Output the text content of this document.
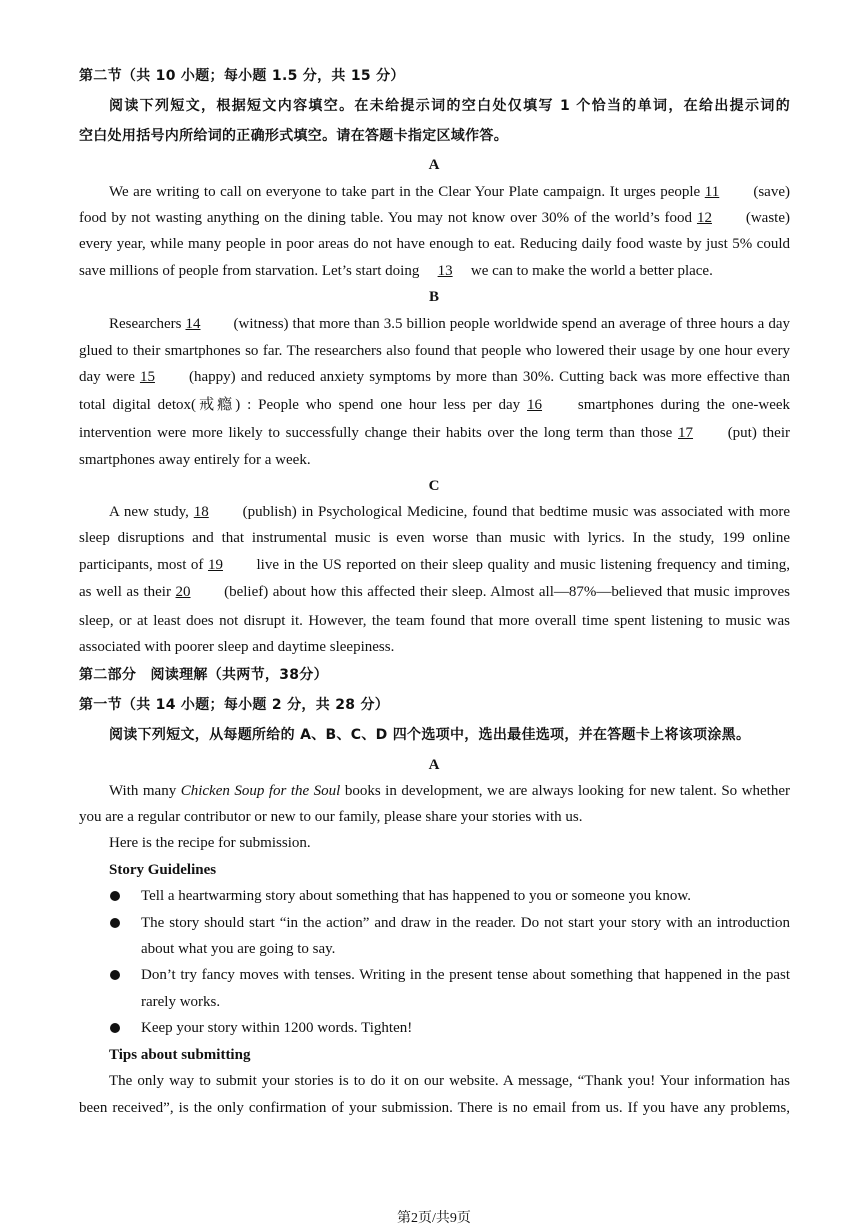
第二节（共 10 小题；每小题 1.5 分，共 15 分）
阅读下列短文，根据短文内容填空。在未给提示词的空白处仅填写 1 个恰当的单词，在给出提示词的
空白处用括号内所给词的正确形式填空。请在答题卡指定区域作答。
A
We are writing to call on everyone to take part in the Clear Your Plate campaign. It urges people 11 (save)
food by not wasting anything on the dining table. You may not know over 30% of the world’s food 12 (waste)
every year, while many people in poor areas do not have enough to eat. Reducing daily food waste by just 5% could
save millions of people from starvation. Let’s start doing 13 we can to make the world a better place.
B
Researchers 14 (witness) that more than 3.5 billion people worldwide spend an average of three hours a day
glued to their smartphones so far. The researchers also found that people who lowered their usage by one hour every
day were 15 (happy) and reduced anxiety symptoms by more than 30%. Cutting back was more effective than
total digital detox(戒瘾) : People who spend one hour less per day 16 smartphones during the one-week
intervention were more likely to successfully change their habits over the long term than those 17 (put) their
smartphones away entirely for a week.
C
A new study, 18 (publish) in Psychological Medicine, found that bedtime music was associated with more
sleep disruptions and that instrumental music is even worse than music with lyrics. In the study, 199 online
participants, most of 19 live in the US reported on their sleep quality and music listening frequency and timing,
as well as their 20 (belief) about how this affected their sleep. Almost all—87%—believed that music improves
sleep, or at least does not disrupt it. However, the team found that more overall time spent listening to music was
associated with poorer sleep and daytime sleepiness.
第二部分　阅读理解（共两节，38分）
第一节（共 14 小题；每小题 2 分，共 28 分）
阅读下列短文，从每题所给的 A、B、C、D 四个选项中，选出最佳选项，并在答题卡上将该项涂黑。
A
With many Chicken Soup for the Soul books in development, we are always looking for new talent. So whether
you are a regular contributor or new to our family, please share your stories with us.
Here is the recipe for submission.
Story Guidelines
Tell a heartwarming story about something that has happened to you or someone you know.
The story should start “in the action” and draw in the reader. Do not start your story with an introduction
about what you are going to say.
Don’t try fancy moves with tenses. Writing in the present tense about something that happened in the past
rarely works.
Keep your story within 1200 words. Tighten!
Tips about submitting
The only way to submit your stories is to do it on our website. A message, “Thank you! Your information has
been received”, is the only confirmation of your submission. There is no email from us. If you have any problems,
第2页/共9页
